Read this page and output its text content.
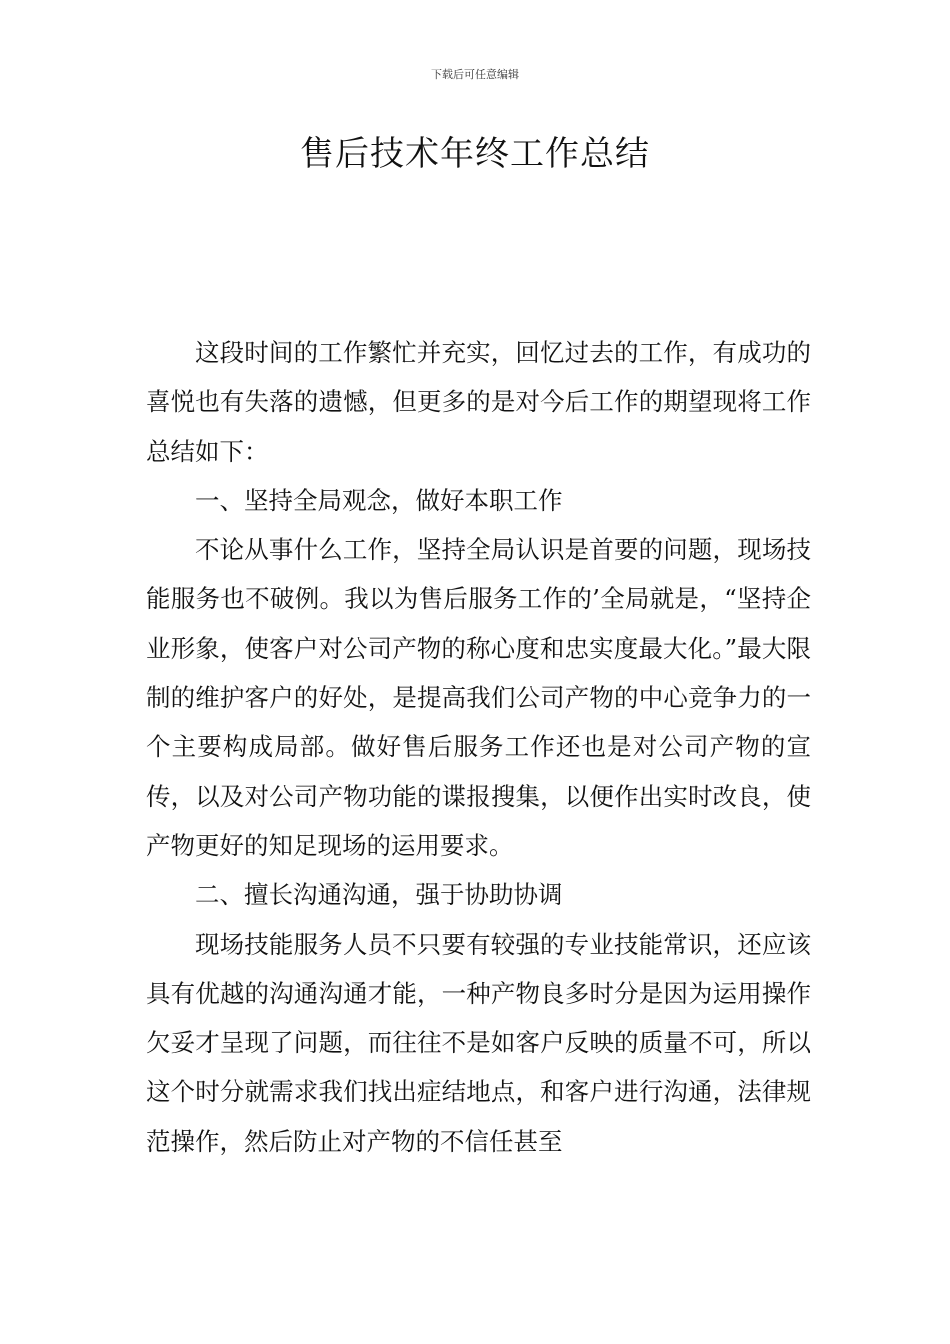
下载后可任意编辑
售后技术年终工作总结

这段时间的工作繁忙并充实，回忆过去的工作，有成功的喜悦也有失落的遗憾，但更多的是对今后工作的期望现将工作总结如下：

一、坚持全局观念，做好本职工作

不论从事什么工作，坚持全局认识是首要的问题，现场技能服务也不破例。我以为售后服务工作的’全局就是，“坚持企业形象，使客户对公司产物的称心度和忠实度最大化。”最大限制的维护客户的好处，是提高我们公司产物的中心竞争力的一个主要构成局部。做好售后服务工作还也是对公司产物的宣传，以及对公司产物功能的谍报搜集，以便作出实时改良，使产物更好的知足现场的运用要求。

二、擅长沟通沟通，强于协助协调

现场技能服务人员不只要有较强的专业技能常识，还应该具有优越的沟通沟通才能，一种产物良多时分是因为运用操作欠妥才呈现了问题，而往往不是如客户反映的质量不可，所以这个时分就需求我们找出症结地点，和客户进行沟通，法律规范操作，然后防止对产物的不信任甚至
